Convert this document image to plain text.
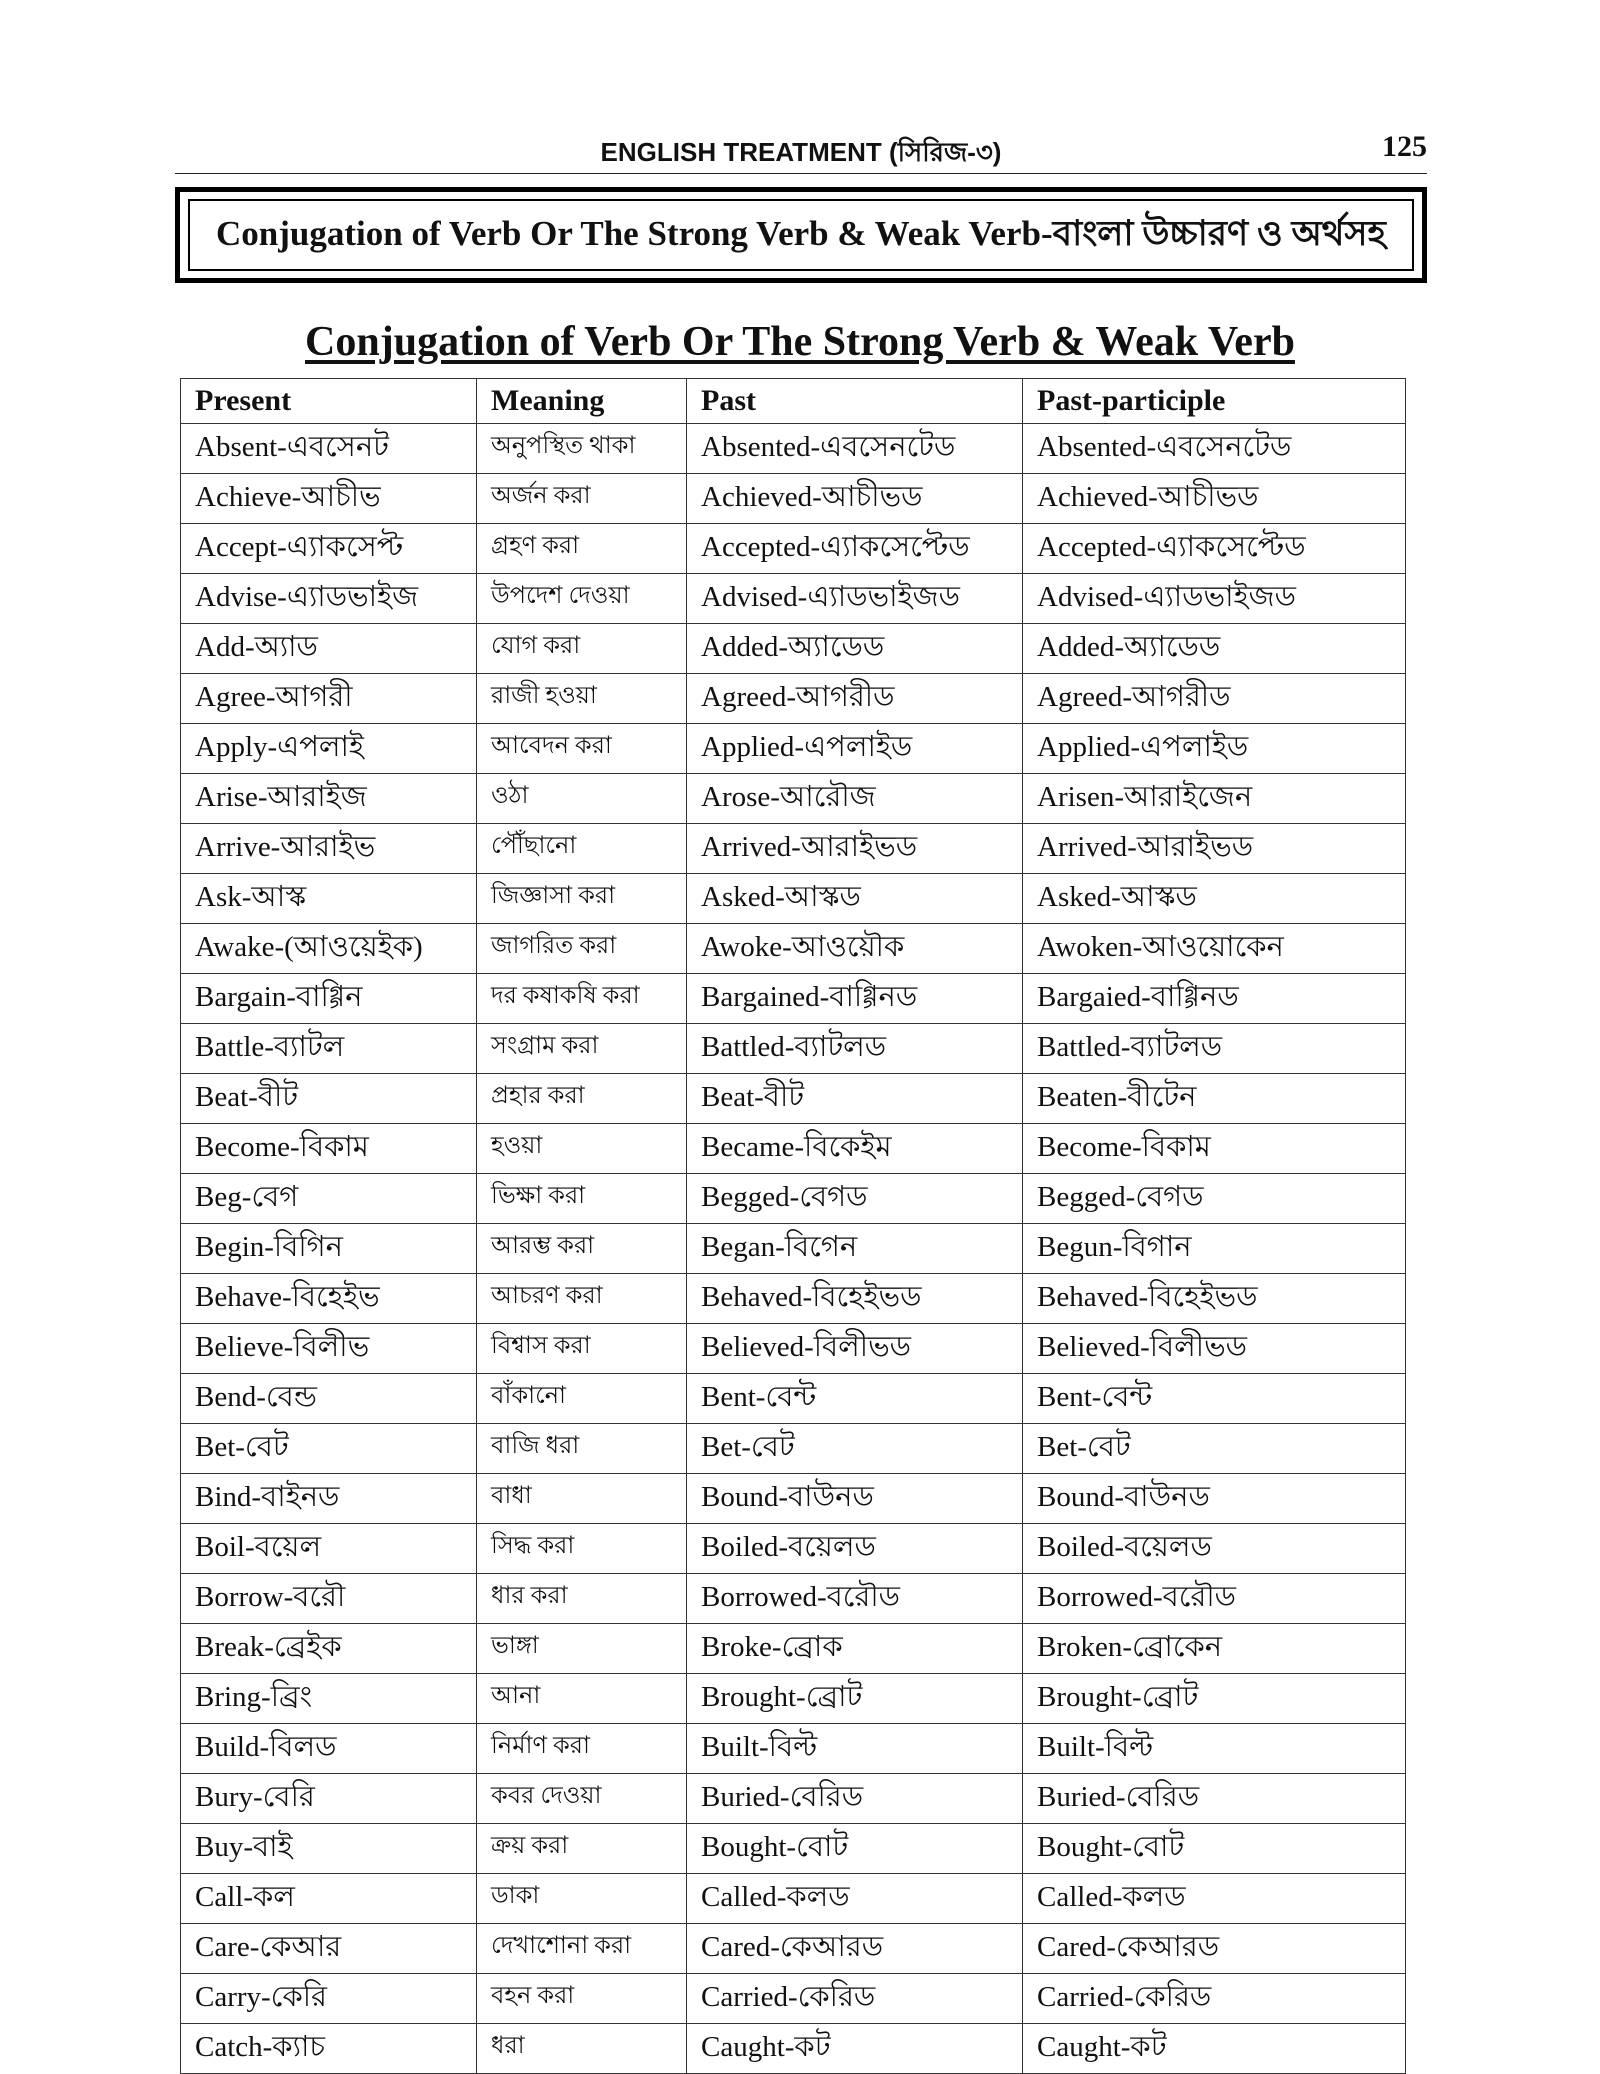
ENGLISH TREATMENT (সিরিজ-৩)	125
Conjugation of Verb Or The Strong Verb & Weak Verb-বাংলা উচ্চারণ ও অর্থসহ
Conjugation of Verb Or The Strong Verb & Weak Verb
Present	Meaning	Past	Past-participle
Absent-এবসেনট	অনুপস্থিত থাকা	Absented-এবসেনটেড	Absented-এবসেনটেড
Achieve-আচীভ	অর্জন করা	Achieved-আচীভড	Achieved-আচীভড
Accept-এ্যাকসেপ্ট	গ্রহণ করা	Accepted-এ্যাকসেপ্টেড	Accepted-এ্যাকসেপ্টেড
Advise-এ্যাডভাইজ	উপদেশ দেওয়া	Advised-এ্যাডভাইজড	Advised-এ্যাডভাইজড
Add-অ্যাড	যোগ করা	Added-অ্যাডেড	Added-অ্যাডেড
Agree-আগরী	রাজী হওয়া	Agreed-আগরীড	Agreed-আগরীড
Apply-এপলাই	আবেদন করা	Applied-এপলাইড	Applied-এপলাইড
Arise-আরাইজ	ওঠা	Arose-আরৌজ	Arisen-আরাইজেন
Arrive-আরাইভ	পৌঁছানো	Arrived-আরাইভড	Arrived-আরাইভড
Ask-আস্ক	জিজ্ঞাসা করা	Asked-আস্কড	Asked-আস্কড
Awake-(আওয়েইক)	জাগরিত করা	Awoke-আওয়ৌক	Awoken-আওয়োকেন
Bargain-বাগ্গিন	দর কষাকষি করা	Bargained-বাগ্গিনড	Bargaied-বাগ্গিনড
Battle-ব্যাটল	সংগ্রাম করা	Battled-ব্যাটলড	Battled-ব্যাটলড
Beat-বীট	প্রহার করা	Beat-বীট	Beaten-বীটেন
Become-বিকাম	হওয়া	Became-বিকেইম	Become-বিকাম
Beg-বেগ	ভিক্ষা করা	Begged-বেগড	Begged-বেগড
Begin-বিগিন	আরম্ভ করা	Began-বিগেন	Begun-বিগান
Behave-বিহেইভ	আচরণ করা	Behaved-বিহেইভড	Behaved-বিহেইভড
Believe-বিলীভ	বিশ্বাস করা	Believed-বিলীভড	Believed-বিলীভড
Bend-বেন্ড	বাঁকানো	Bent-বেন্ট	Bent-বেন্ট
Bet-বেট	বাজি ধরা	Bet-বেট	Bet-বেট
Bind-বাইনড	বাধা	Bound-বাউনড	Bound-বাউনড
Boil-বয়েল	সিদ্ধ করা	Boiled-বয়েলড	Boiled-বয়েলড
Borrow-বরৌ	ধার করা	Borrowed-বরৌড	Borrowed-বরৌড
Break-ব্রেইক	ভাঙ্গা	Broke-ব্রোক	Broken-ব্রোকেন
Bring-ব্রিং	আনা	Brought-ব্রোট	Brought-ব্রোট
Build-বিলড	নির্মাণ করা	Built-বিল্ট	Built-বিল্ট
Bury-বেরি	কবর দেওয়া	Buried-বেরিড	Buried-বেরিড
Buy-বাই	ক্রয় করা	Bought-বোট	Bought-বোট
Call-কল	ডাকা	Called-কলড	Called-কলড
Care-কেআর	দেখাশোনা করা	Cared-কেআরড	Cared-কেআরড
Carry-কেরি	বহন করা	Carried-কেরিড	Carried-কেরিড
Catch-ক্যাচ	ধরা	Caught-কট	Caught-কট
